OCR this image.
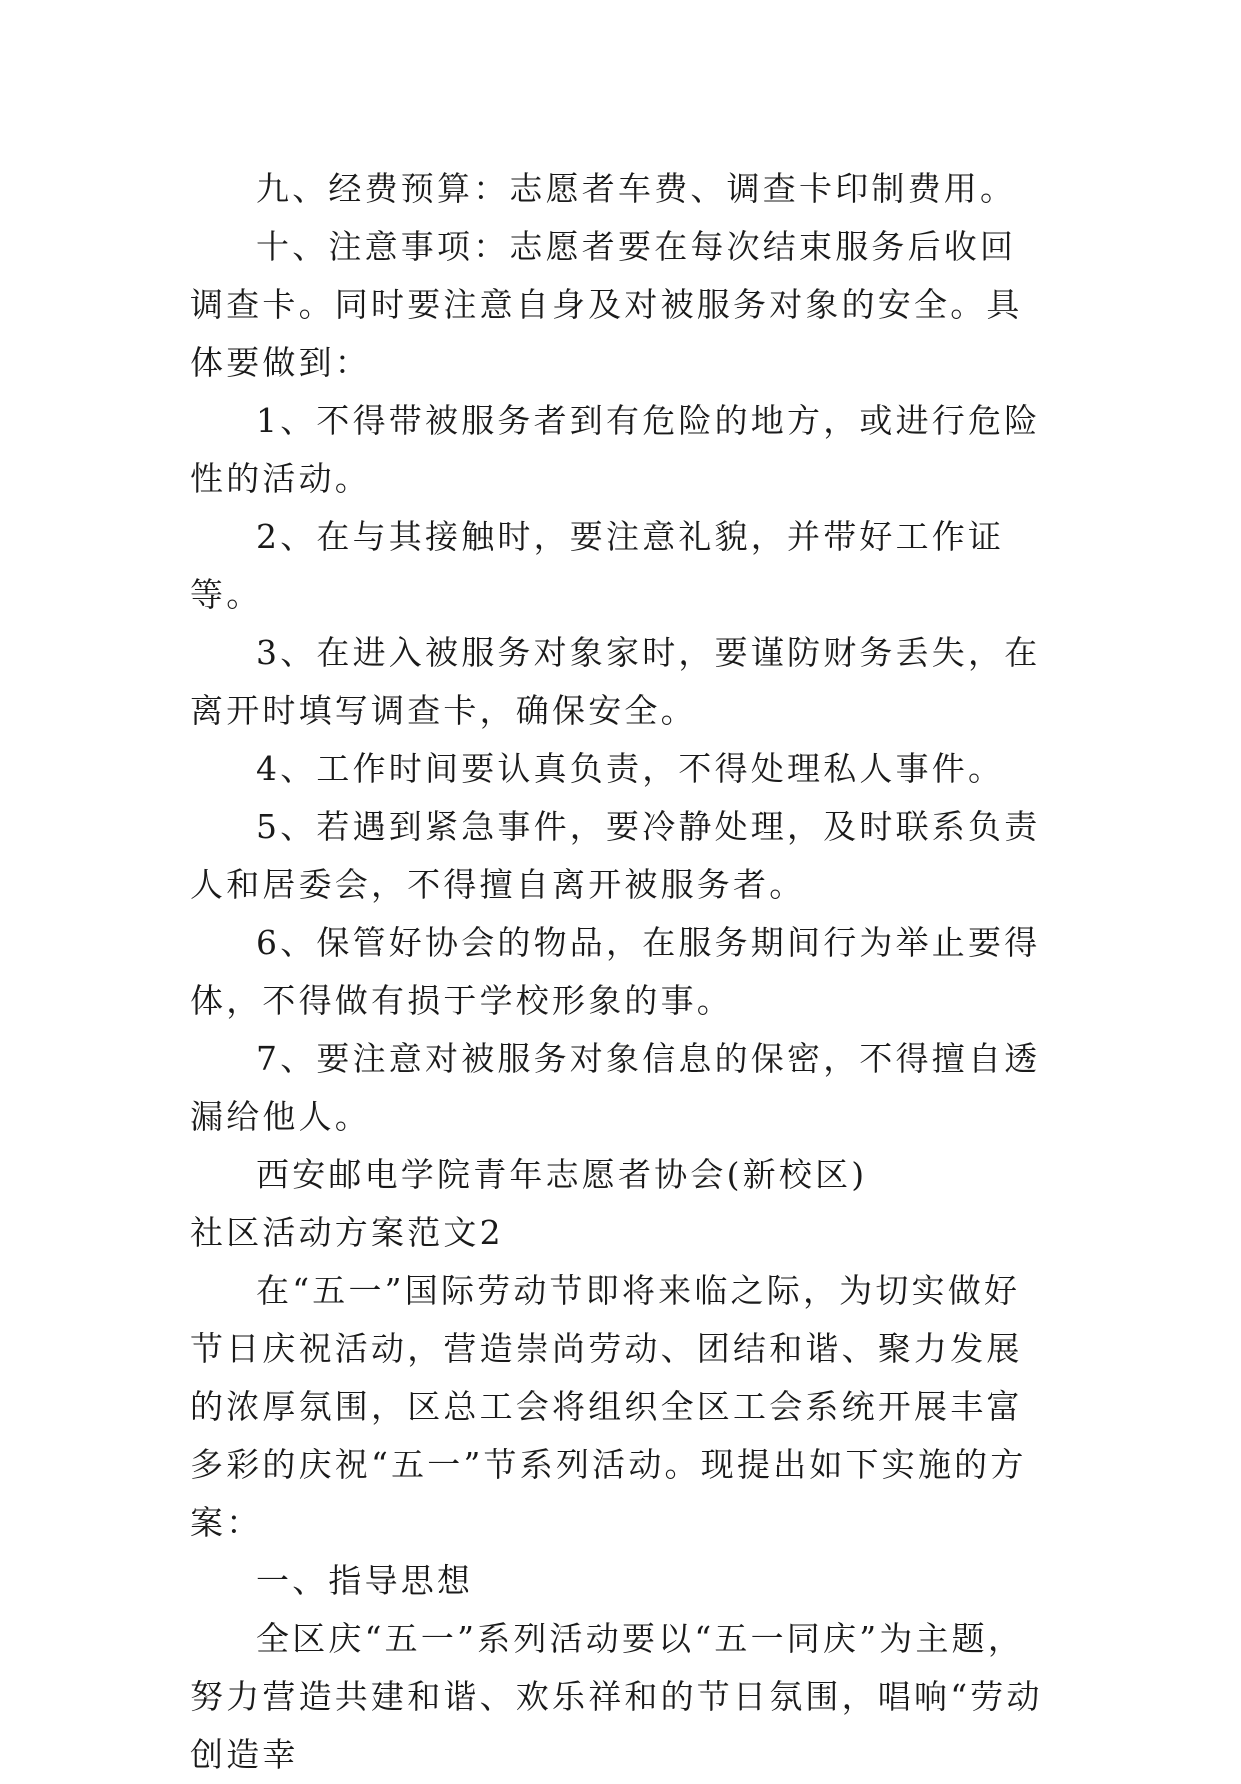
九、经费预算：志愿者车费、调查卡印制费用。

十、注意事项：志愿者要在每次结束服务后收回调查卡。同时要注意自身及对被服务对象的安全。具体要做到：

1、不得带被服务者到有危险的地方，或进行危险性的活动。

2、在与其接触时，要注意礼貌，并带好工作证等。

3、在进入被服务对象家时，要谨防财务丢失，在离开时填写调查卡，确保安全。

4、工作时间要认真负责，不得处理私人事件。

5、若遇到紧急事件，要冷静处理，及时联系负责人和居委会，不得擅自离开被服务者。

6、保管好协会的物品，在服务期间行为举止要得体，不得做有损于学校形象的事。

7、要注意对被服务对象信息的保密，不得擅自透漏给他人。

西安邮电学院青年志愿者协会(新校区)

社区活动方案范文2

在“五一”国际劳动节即将来临之际，为切实做好节日庆祝活动，营造崇尚劳动、团结和谐、聚力发展的浓厚氛围，区总工会将组织全区工会系统开展丰富多彩的庆祝“五一”节系列活动。现提出如下实施的方案：

一、指导思想

全区庆“五一”系列活动要以“五一同庆”为主题，努力营造共建和谐、欢乐祥和的节日氛围，唱响“劳动创造幸
